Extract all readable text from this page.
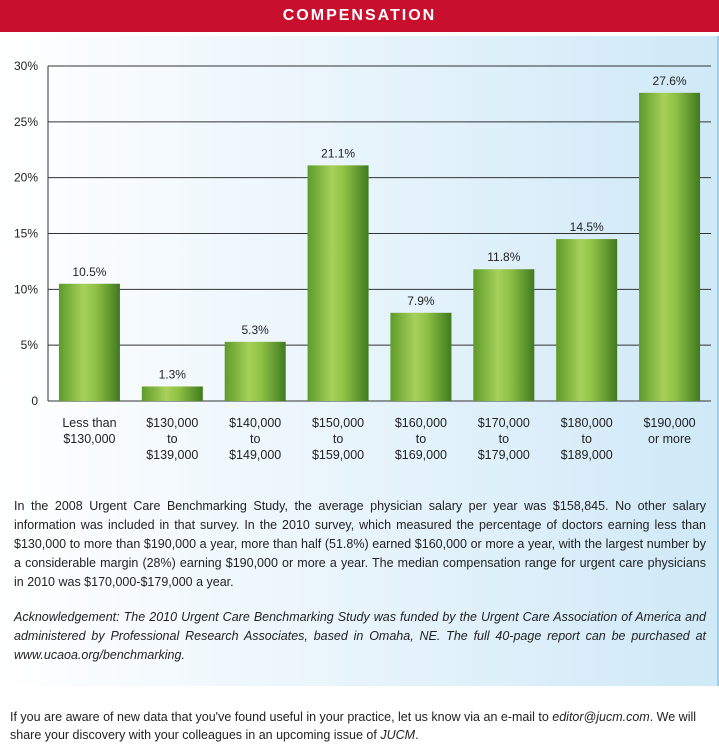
COMPENSATION
0
5%
10%
15%
20%
25%
30%
10.5%
1.3%
5.3%
21.1%
7.9%
11.8%
14.5%
27.6%
Less than $130,000
$130,000 to $139,000
$140,000 to $149,000
$150,000 to $159,000
$160,000 to $169,000
$170,000 to $179,000
$180,000 to $189,000
$190,000 or more

In the 2008 Urgent Care Benchmarking Study, the average physician salary per year was $158,845. No other salary information was included in that survey. In the 2010 survey, which measured the percentage of doctors earning less than $130,000 to more than $190,000 a year, more than half (51.8%) earned $160,000 or more a year, with the largest number by a considerable margin (28%) earning $190,000 or more a year. The median compensation range for urgent care physicians in 2010 was $170,000-$179,000 a year.

Acknowledgement: The 2010 Urgent Care Benchmarking Study was funded by the Urgent Care Association of America and administered by Professional Research Associates, based in Omaha, NE. The full 40-page report can be purchased at www.ucaoa.org/benchmarking.

If you are aware of new data that you've found useful in your practice, let us know via an e-mail to editor@jucm.com. We will share your discovery with your colleagues in an upcoming issue of JUCM.
